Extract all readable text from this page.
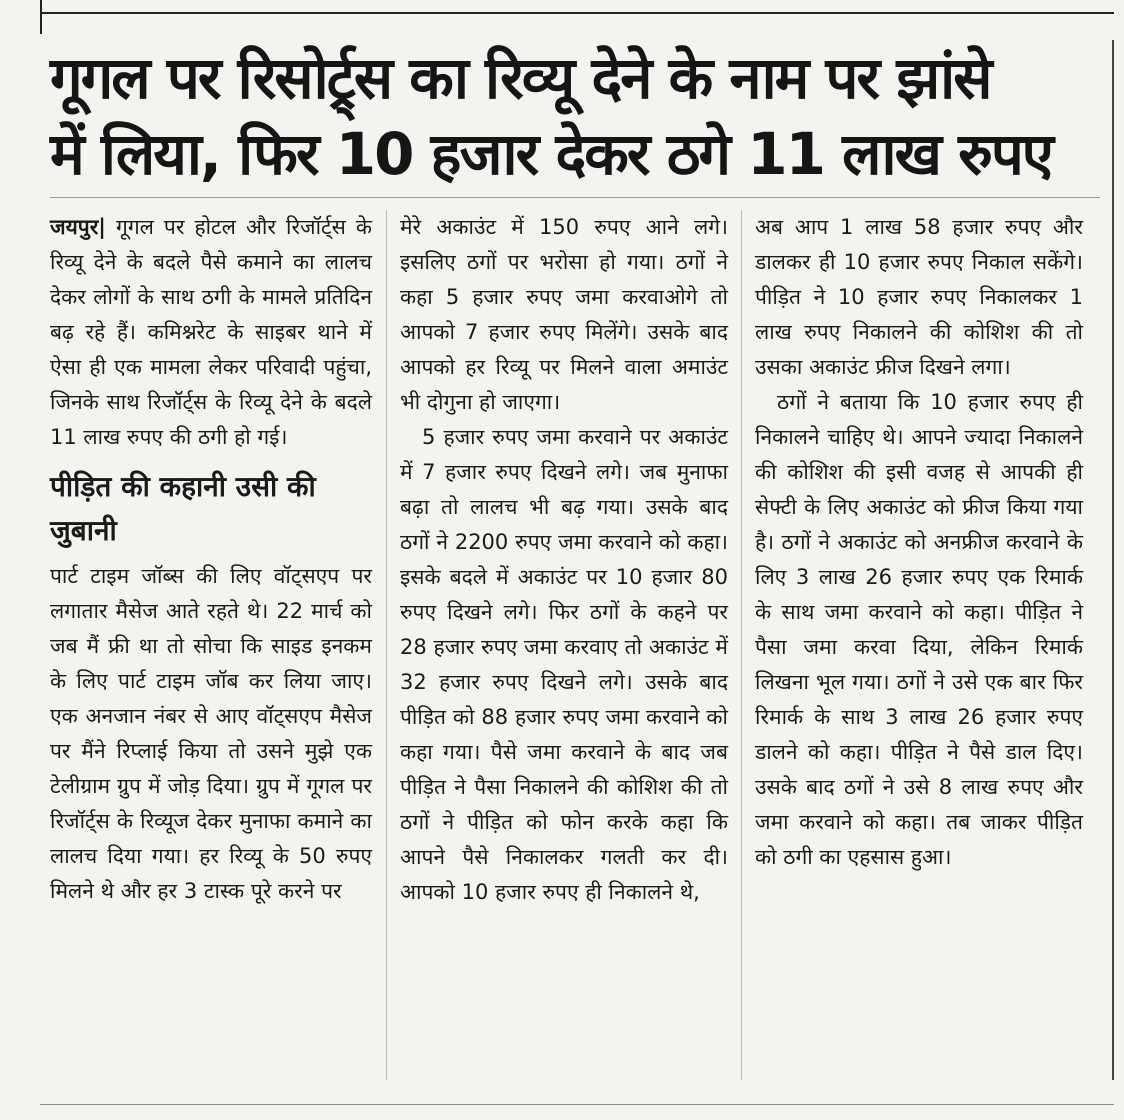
गूगल पर रिसोर्ट्र्स का रिव्यू देने के नाम पर झांसे
में लिया, फिर 10 हजार देकर ठगे 11 लाख रुपए

जयपुर| गूगल पर होटल और रिजॉर्ट्स के रिव्यू देने के बदले पैसे कमाने का लालच देकर लोगों के साथ ठगी के मामले प्रतिदिन बढ़ रहे हैं। कमिश्नरेट के साइबर थाने में ऐसा ही एक मामला लेकर परिवादी पहुंचा, जिनके साथ रिजॉर्ट्स के रिव्यू देने के बदले 11 लाख रुपए की ठगी हो गई।

पीड़ित की कहानी उसी की जुबानी

पार्ट टाइम जॉब्स की लिए वॉट्सएप पर लगातार मैसेज आते रहते थे। 22 मार्च को जब मैं फ्री था तो सोचा कि साइड इनकम के लिए पार्ट टाइम जॉब कर लिया जाए। एक अनजान नंबर से आए वॉट्सएप मैसेज पर मैंने रिप्लाई किया तो उसने मुझे एक टेलीग्राम ग्रुप में जोड़ दिया। ग्रुप में गूगल पर रिजॉर्ट्स के रिव्यूज देकर मुनाफा कमाने का लालच दिया गया। हर रिव्यू के 50 रुपए मिलने थे और हर 3 टास्क पूरे करने पर

मेरे अकाउंट में 150 रुपए आने लगे। इसलिए ठगों पर भरोसा हो गया। ठगों ने कहा 5 हजार रुपए जमा करवाओगे तो आपको 7 हजार रुपए मिलेंगे। उसके बाद आपको हर रिव्यू पर मिलने वाला अमाउंट भी दोगुना हो जाएगा।

5 हजार रुपए जमा करवाने पर अकाउंट में 7 हजार रुपए दिखने लगे। जब मुनाफा बढ़ा तो लालच भी बढ़ गया। उसके बाद ठगों ने 2200 रुपए जमा करवाने को कहा। इसके बदले में अकाउंट पर 10 हजार 80 रुपए दिखने लगे। फिर ठगों के कहने पर 28 हजार रुपए जमा करवाए तो अकाउंट में 32 हजार रुपए दिखने लगे। उसके बाद पीड़ित को 88 हजार रुपए जमा करवाने को कहा गया। पैसे जमा करवाने के बाद जब पीड़ित ने पैसा निकालने की कोशिश की तो ठगों ने पीड़ित को फोन करके कहा कि आपने पैसे निकालकर गलती कर दी। आपको 10 हजार रुपए ही निकालने थे,

अब आप 1 लाख 58 हजार रुपए और डालकर ही 10 हजार रुपए निकाल सकेंगे। पीड़ित ने 10 हजार रुपए निकालकर 1 लाख रुपए निकालने की कोशिश की तो उसका अकाउंट फ्रीज दिखने लगा।

ठगों ने बताया कि 10 हजार रुपए ही निकालने चाहिए थे। आपने ज्यादा निकालने की कोशिश की इसी वजह से आपकी ही सेफ्टी के लिए अकाउंट को फ्रीज किया गया है। ठगों ने अकाउंट को अनफ्रीज करवाने के लिए 3 लाख 26 हजार रुपए एक रिमार्क के साथ जमा करवाने को कहा। पीड़ित ने पैसा जमा करवा दिया, लेकिन रिमार्क लिखना भूल गया। ठगों ने उसे एक बार फिर रिमार्क के साथ 3 लाख 26 हजार रुपए डालने को कहा। पीड़ित ने पैसे डाल दिए। उसके बाद ठगों ने उसे 8 लाख रुपए और जमा करवाने को कहा। तब जाकर पीड़ित को ठगी का एहसास हुआ।
